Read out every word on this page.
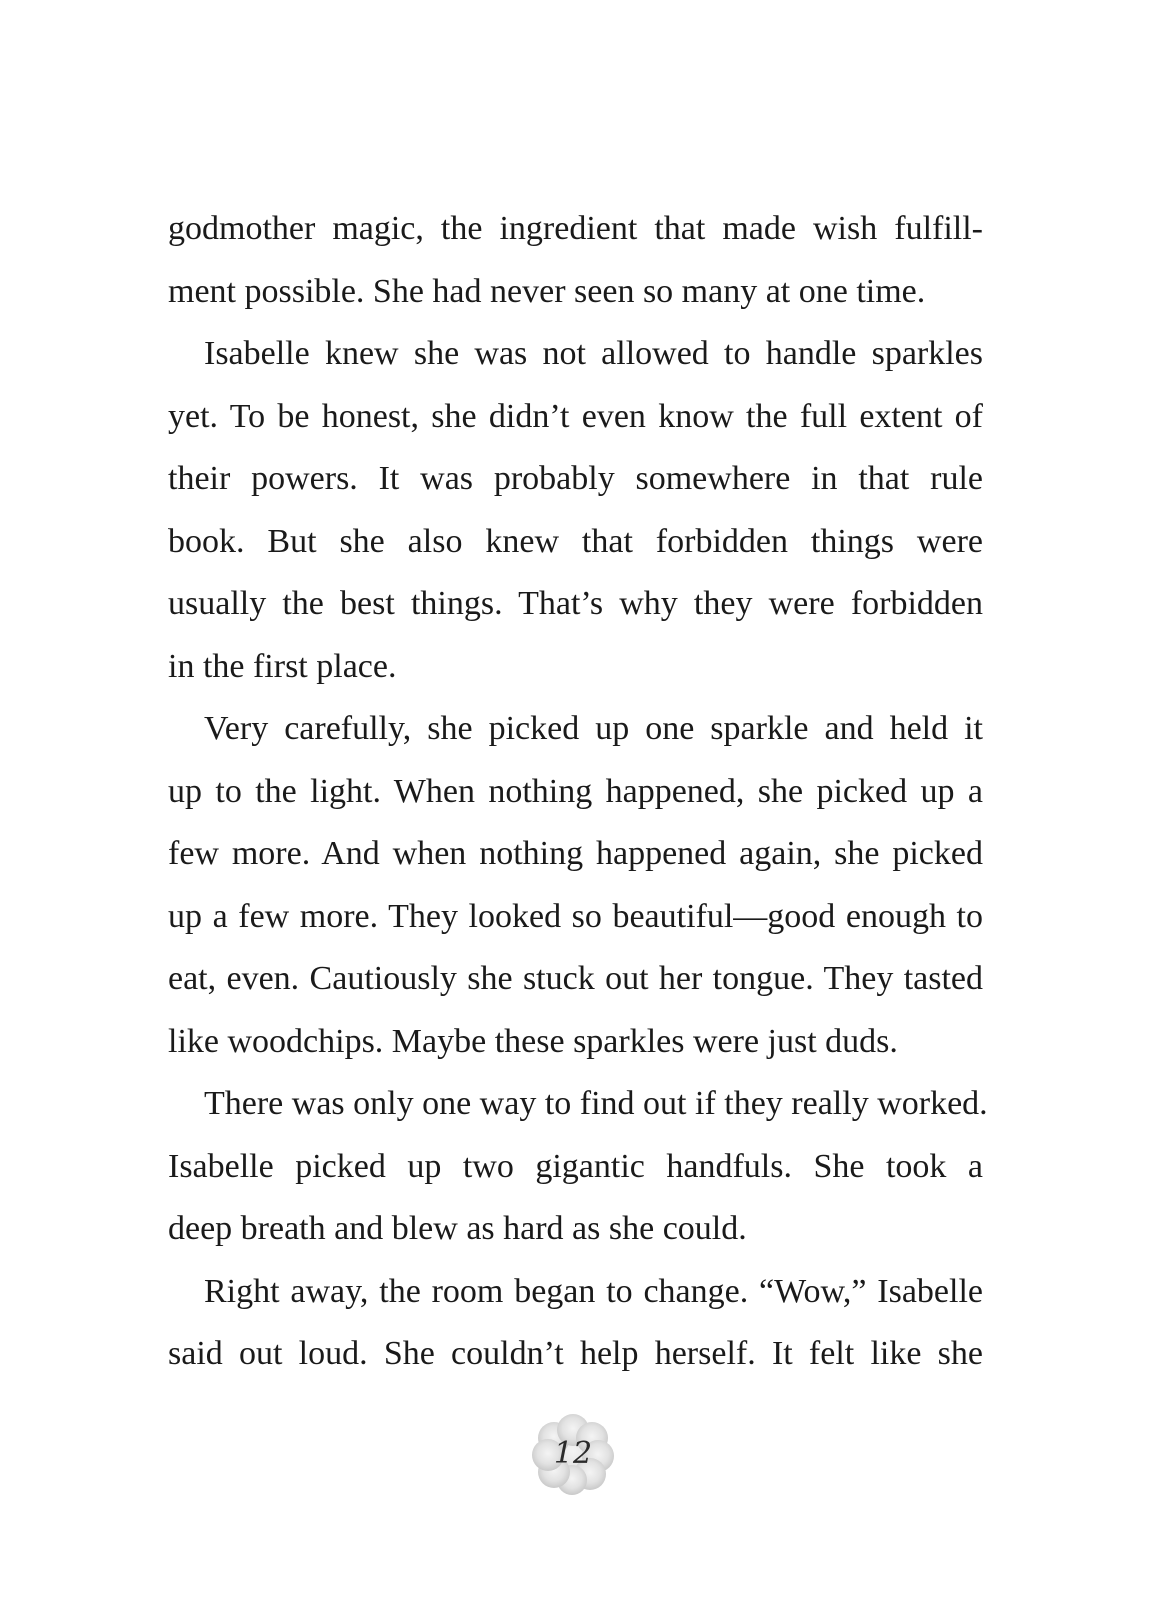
godmother magic, the ingredient that made wish fulfill-
ment possible. She had never seen so many at one time.
Isabelle knew she was not allowed to handle sparkles
yet. To be honest, she didn’t even know the full extent of
their powers. It was probably somewhere in that rule
book. But she also knew that forbidden things were
usually the best things. That’s why they were forbidden
in the first place.
Very carefully, she picked up one sparkle and held it
up to the light. When nothing happened, she picked up a
few more. And when nothing happened again, she picked
up a few more. They looked so beautiful—good enough to
eat, even. Cautiously she stuck out her tongue. They tasted
like woodchips. Maybe these sparkles were just duds.
There was only one way to find out if they really worked.
Isabelle picked up two gigantic handfuls. She took a
deep breath and blew as hard as she could.
Right away, the room began to change. “Wow,” Isabelle
said out loud. She couldn’t help herself. It felt like she
12
